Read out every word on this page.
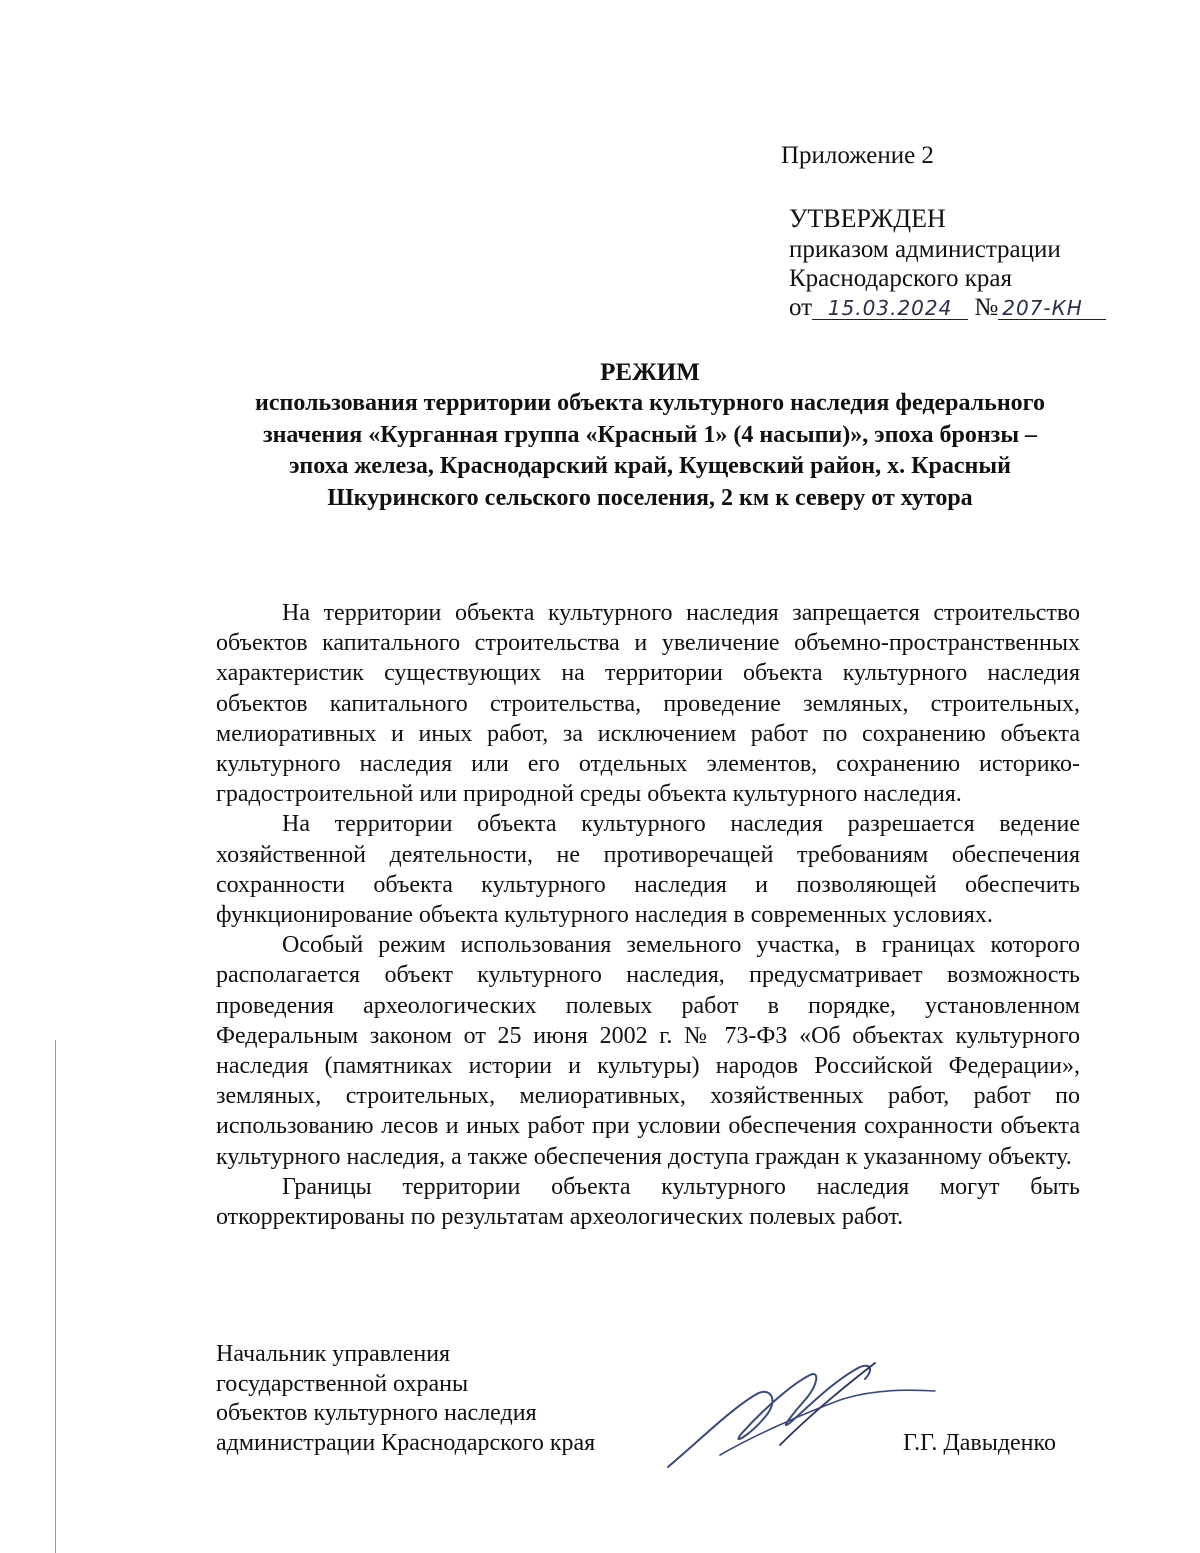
Приложение 2
УТВЕРЖДЕН
приказом администрации
Краснодарского края
от 15.03.2024 № 207-КН
РЕЖИМ
использования территории объекта культурного наследия федерального
значения «Курганная группа «Красный 1» (4 насыпи)», эпоха бронзы –
эпоха железа, Краснодарский край, Кущевский район, х. Красный
Шкуринского сельского поселения, 2 км к северу от хутора

На территории объекта культурного наследия запрещается строительство объектов капитального строительства и увеличение объемно-пространственных характеристик существующих на территории объекта культурного наследия объектов капитального строительства, проведение земляных, строительных, мелиоративных и иных работ, за исключением работ по сохранению объекта культурного наследия или его отдельных элементов, сохранению историко-градостроительной или природной среды объекта культурного наследия.

На территории объекта культурного наследия разрешается ведение хозяйственной деятельности, не противоречащей требованиям обеспечения сохранности объекта культурного наследия и позволяющей обеспечить функционирование объекта культурного наследия в современных условиях.

Особый режим использования земельного участка, в границах которого располагается объект культурного наследия, предусматривает возможность проведения археологических полевых работ в порядке, установленном Федеральным законом от 25 июня 2002 г. № 73-ФЗ «Об объектах культурного наследия (памятниках истории и культуры) народов Российской Федерации», земляных, строительных, мелиоративных, хозяйственных работ, работ по использованию лесов и иных работ при условии обеспечения сохранности объекта культурного наследия, а также обеспечения доступа граждан к указанному объекту.

Границы территории объекта культурного наследия могут быть откорректированы по результатам археологических полевых работ.

Начальник управления
государственной охраны
объектов культурного наследия
администрации Краснодарского края	Г.Г. Давыденко
